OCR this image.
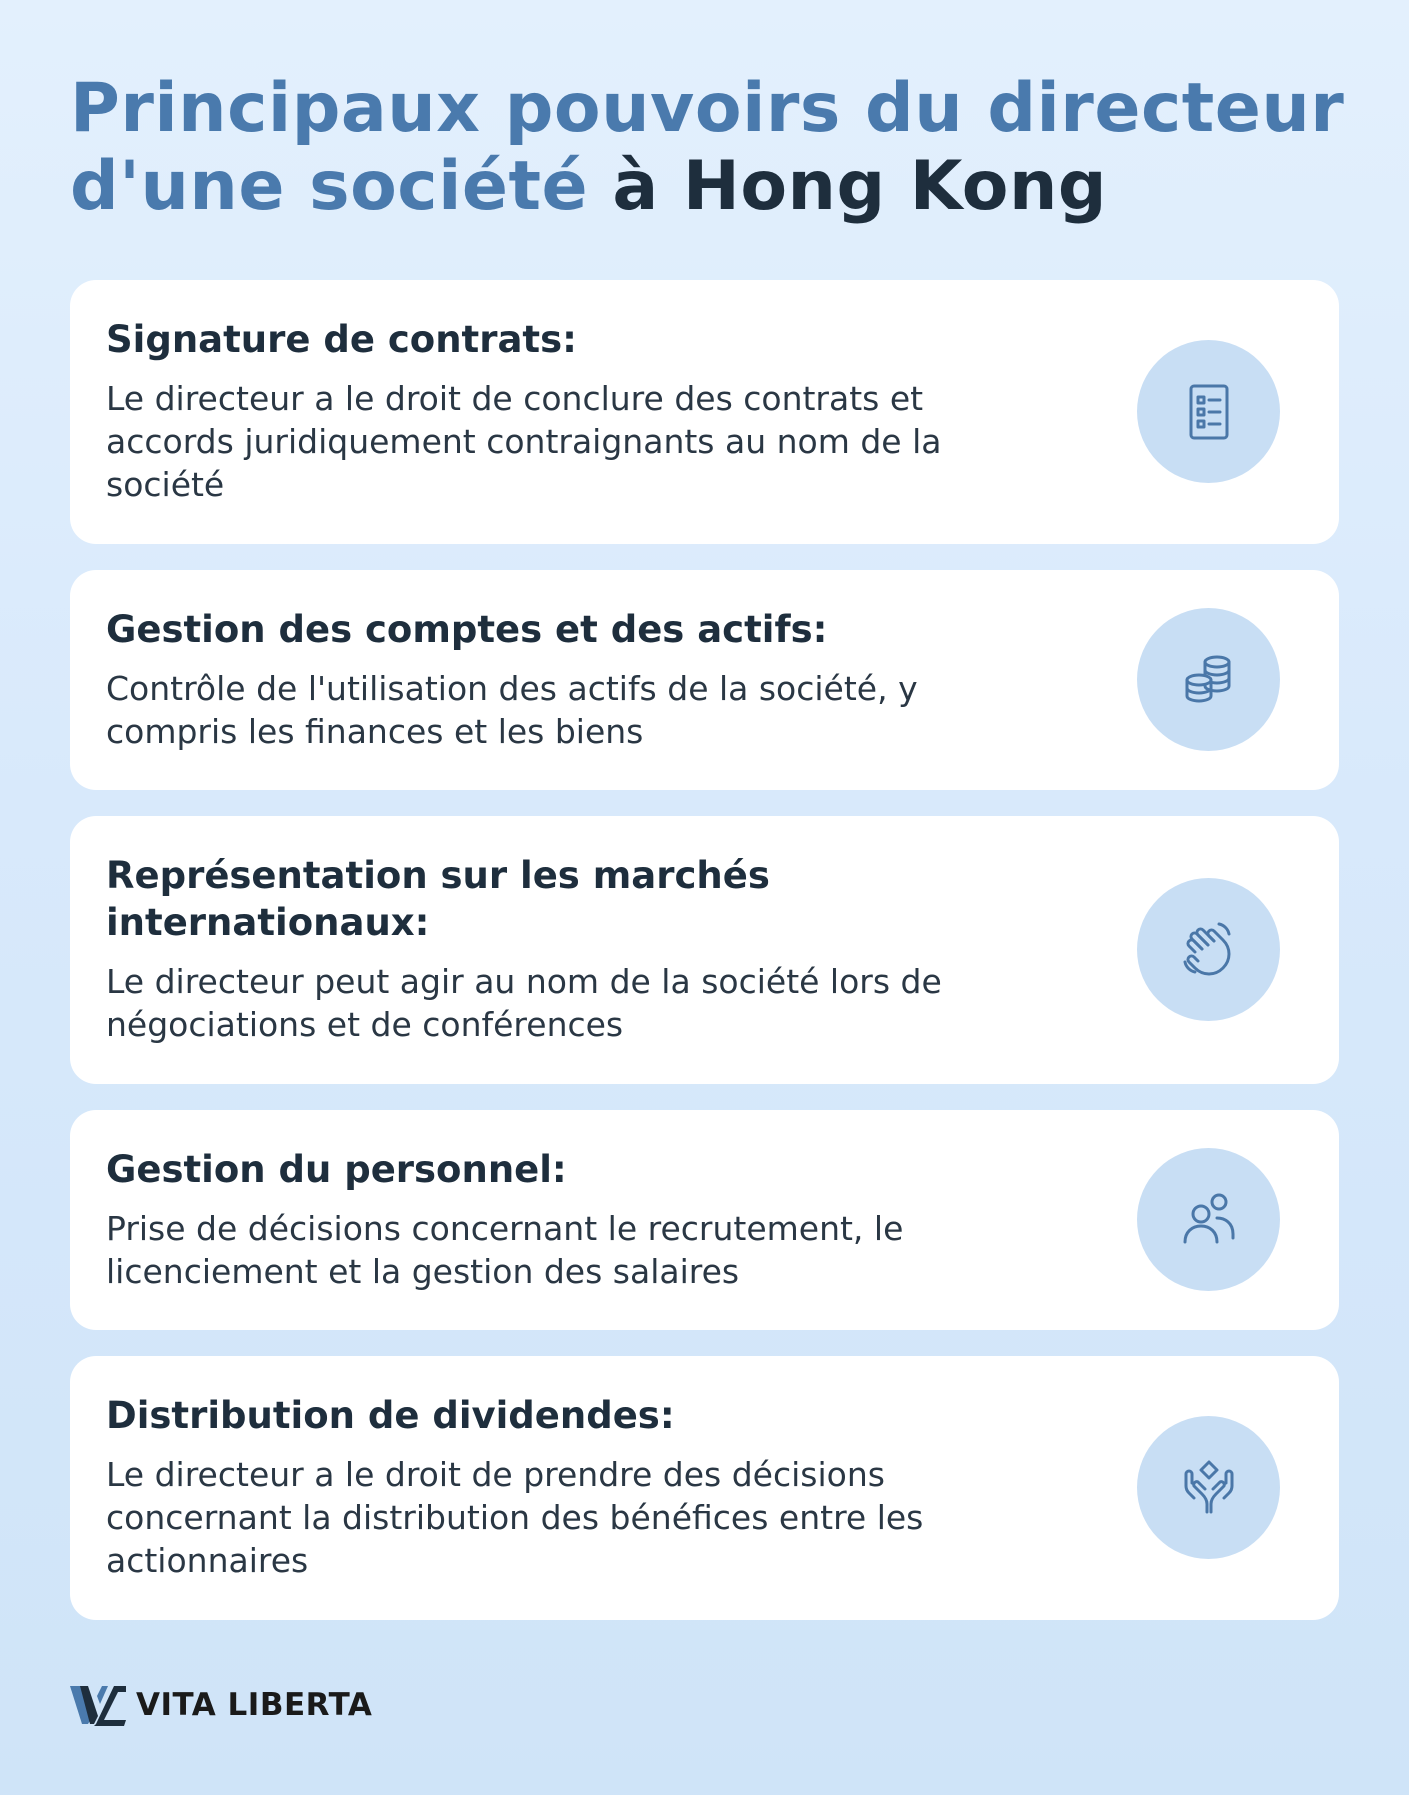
Principaux pouvoirs du directeur d'une société à Hong Kong
Signature de contrats:

Le directeur a le droit de conclure des contrats et accords juridiquement contraignants au nom de la société

Gestion des comptes et des actifs:

Contrôle de l'utilisation des actifs de la société, y compris les finances et les biens

Représentation sur les marchés internationaux:

Le directeur peut agir au nom de la société lors de négociations et de conférences

Gestion du personnel:

Prise de décisions concernant le recrutement, le licenciement et la gestion des salaires

Distribution de dividendes:

Le directeur a le droit de prendre des décisions concernant la distribution des bénéfices entre les actionnaires

VITA LIBERTA
